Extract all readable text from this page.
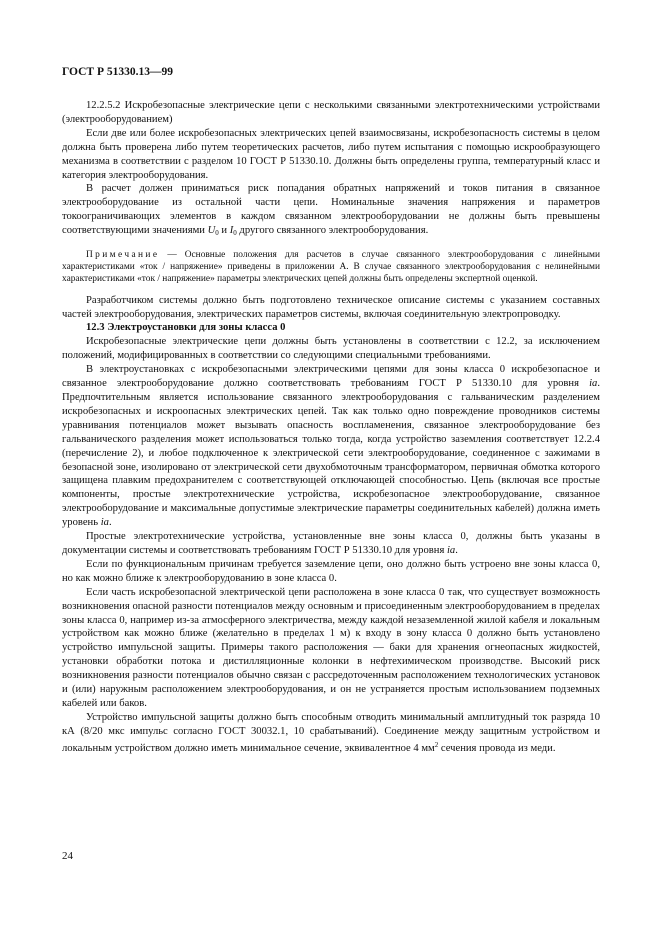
ГОСТ Р 51330.13—99

12.2.5.2 Искробезопасные электрические цепи с несколькими связанными электротехническими устройствами (электрооборудованием)

Если две или более искробезопасных электрических цепей взаимосвязаны, искробезопасность системы в целом должна быть проверена либо путем теоретических расчетов, либо путем испытания с помощью искрообразующего механизма в соответствии с разделом 10 ГОСТ Р 51330.10. Должны быть определены группа, температурный класс и категория электрооборудования.

В расчет должен приниматься риск попадания обратных напряжений и токов питания в связанное электрооборудование из остальной части цепи. Номинальные значения напряжения и параметров токоограничивающих элементов в каждом связанном электрооборудовании не должны быть превышены соответствующими значениями $U_0$ и $I_0$ другого связанного электрооборудования.

Примечание — Основные положения для расчетов в случае связанного электрооборудования с линейными характеристиками «ток / напряжение» приведены в приложении А. В случае связанного электрооборудования с нелинейными характеристиками «ток / напряжение» параметры электрических цепей должны быть определены экспертной оценкой.

Разработчиком системы должно быть подготовлено техническое описание системы с указанием составных частей электрооборудования, электрических параметров системы, включая соединительную электропроводку.

12.3 Электроустановки для зоны класса 0

Искробезопасные электрические цепи должны быть установлены в соответствии с 12.2, за исключением положений, модифицированных в соответствии со следующими специальными требованиями.

В электроустановках с искробезопасными электрическими цепями для зоны класса 0 искробезопасное и связанное электрооборудование должно соответствовать требованиям ГОСТ Р 51330.10 для уровня ia. Предпочтительным является использование связанного электрооборудования с гальваническим разделением искробезопасных и искроопасных электрических цепей. Так как только одно повреждение проводников системы уравнивания потенциалов может вызывать опасность воспламенения, связанное электрооборудование без гальванического разделения может использоваться только тогда, когда устройство заземления соответствует 12.2.4 (перечисление 2), и любое подключенное к электрической сети электрооборудование, соединенное с зажимами в безопасной зоне, изолировано от электрической сети двухобмоточным трансформатором, первичная обмотка которого защищена плавким предохранителем с соответствующей отключающей способностью. Цепь (включая все простые компоненты, простые электротехнические устройства, искробезопасное электрооборудование, связанное электрооборудование и максимальные допустимые электрические параметры соединительных кабелей) должна иметь уровень ia.

Простые электротехнические устройства, установленные вне зоны класса 0, должны быть указаны в документации системы и соответствовать требованиям ГОСТ Р 51330.10 для уровня ia.

Если по функциональным причинам требуется заземление цепи, оно должно быть устроено вне зоны класса 0, но как можно ближе к электрооборудованию в зоне класса 0.

Если часть искробезопасной электрической цепи расположена в зоне класса 0 так, что существует возможность возникновения опасной разности потенциалов между основным и присоединенным электрооборудованием в пределах зоны класса 0, например из-за атмосферного электричества, между каждой незаземленной жилой кабеля и локальным устройством как можно ближе (желательно в пределах 1 м) к входу в зону класса 0 должно быть установлено устройство импульсной защиты. Примеры такого расположения — баки для хранения огнеопасных жидкостей, установки обработки потока и дистилляционные колонки в нефтехимическом производстве. Высокий риск возникновения разности потенциалов обычно связан с рассредоточенным расположением технологических установок и (или) наружным расположением электрооборудования, и он не устраняется простым использованием подземных кабелей или баков.

Устройство импульсной защиты должно быть способным отводить минимальный амплитудный ток разряда 10 кА (8/20 мкс импульс согласно ГОСТ 30032.1, 10 срабатываний). Соединение между защитным устройством и локальным устройством должно иметь минимальное сечение, эквивалентное 4 $мм^2$ сечения провода из меди.

24
